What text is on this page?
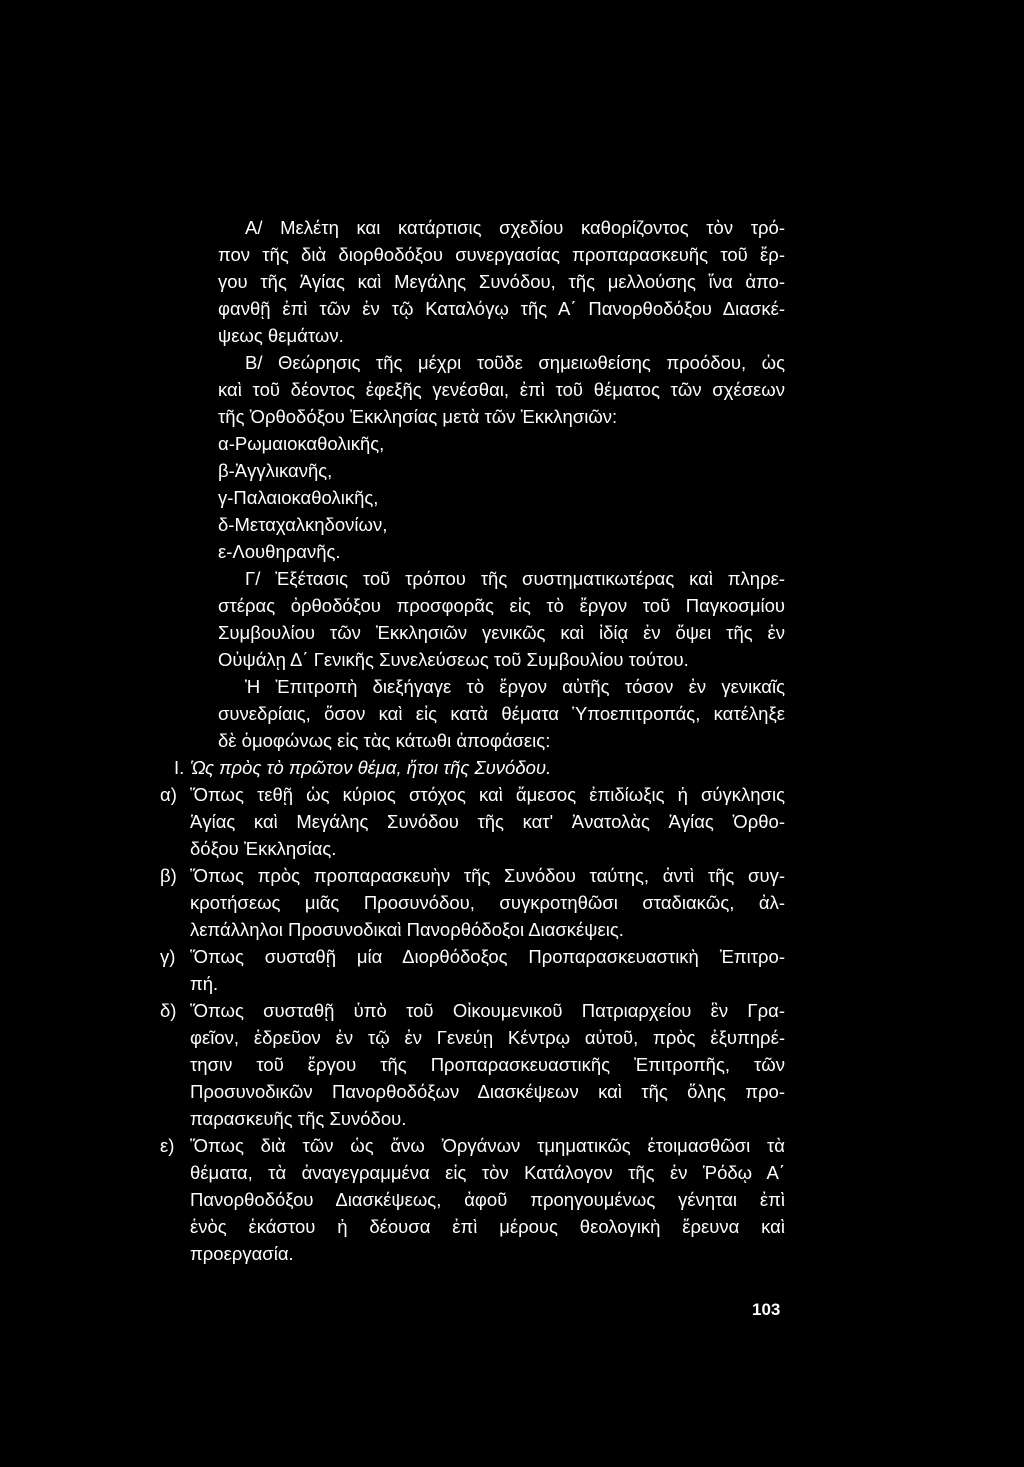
Α/ Μελέτη και κατάρτισις σχεδίου καθορίζοντος τὸν τρό-
πον τῆς διὰ διορθοδόξου συνεργασίας προπαρασκευῆς τοῦ ἔρ-
γου τῆς Ἁγίας καὶ Μεγάλης Συνόδου, τῆς μελλούσης ἵνα ἀπο-
φανθῇ ἐπὶ τῶν ἐν τῷ Καταλόγῳ τῆς Α΄ Πανορθοδόξου Διασκέ-
ψεως θεμάτων.
Β/ Θεώρησις τῆς μέχρι τοῦδε σημειωθείσης προόδου, ὡς
καὶ τοῦ δέοντος ἐφεξῆς γενέσθαι, ἐπὶ τοῦ θέματος τῶν σχέσεων
τῆς Ὀρθοδόξου Ἐκκλησίας μετὰ τῶν Ἐκκλησιῶν:
α-Ρωμαιοκαθολικῆς,
β-Ἀγγλικανῆς,
γ-Παλαιοκαθολικῆς,
δ-Μεταχαλκηδονίων,
ε-Λουθηρανῆς.
Γ/ Ἐξέτασις τοῦ τρόπου τῆς συστηματικωτέρας καὶ πληρε-
στέρας ὀρθοδόξου προσφορᾶς εἰς τὸ ἔργον τοῦ Παγκοσμίου
Συμβουλίου τῶν Ἐκκλησιῶν γενικῶς καὶ ἰδίᾳ ἐν ὄψει τῆς ἐν
Οὐψάλῃ Δ΄ Γενικῆς Συνελεύσεως τοῦ Συμβουλίου τούτου.
Ἡ Ἐπιτροπὴ διεξήγαγε τὸ ἔργον αὐτῆς τόσον ἐν γενικαῖς
συνεδρίαις, ὅσον καὶ εἰς κατὰ θέματα Ὑποεπιτροπάς, κατέληξε
δὲ ὁμοφώνως εἰς τὰς κάτωθι ἀποφάσεις:
Ι. Ὡς πρὸς τὸ πρῶτον θέμα, ἤτοι τῆς Συνόδου.
α) Ὅπως τεθῇ ὡς κύριος στόχος καὶ ἄμεσος ἐπιδίωξις ἡ σύγκλησις
Ἁγίας καὶ Μεγάλης Συνόδου τῆς κατ' Ἀνατολὰς Ἁγίας Ὀρθο-
δόξου Ἐκκλησίας.
β) Ὅπως πρὸς προπαρασκευὴν τῆς Συνόδου ταύτης, ἀντὶ τῆς συγ-
κροτήσεως μιᾶς Προσυνόδου, συγκροτηθῶσι σταδιακῶς, ἀλ-
λεπάλληλοι Προσυνοδικαὶ Πανορθόδοξοι Διασκέψεις.
γ) Ὅπως συσταθῇ μία Διορθόδοξος Προπαρασκευαστικὴ Ἐπιτρο-
πή.
δ) Ὅπως συσταθῇ ὑπὸ τοῦ Οἰκουμενικοῦ Πατριαρχείου ἓν Γρα-
φεῖον, ἑδρεῦον ἐν τῷ ἐν Γενεύῃ Κέντρῳ αὐτοῦ, πρὸς ἐξυπηρέ-
τησιν τοῦ ἔργου τῆς Προπαρασκευαστικῆς Ἐπιτροπῆς, τῶν
Προσυνοδικῶν Πανορθοδόξων Διασκέψεων καὶ τῆς ὅλης προ-
παρασκευῆς τῆς Συνόδου.
ε) Ὅπως διὰ τῶν ὡς ἄνω Ὀργάνων τμηματικῶς ἑτοιμασθῶσι τὰ
θέματα, τὰ ἀναγεγραμμένα εἰς τὸν Κατάλογον τῆς ἐν Ῥόδῳ Α΄
Πανορθοδόξου Διασκέψεως, ἀφοῦ προηγουμένως γένηται ἐπὶ
ἑνὸς ἑκάστου ἡ δέουσα ἐπὶ μέρους θεολογικὴ ἔρευνα καὶ
προεργασία.
103
